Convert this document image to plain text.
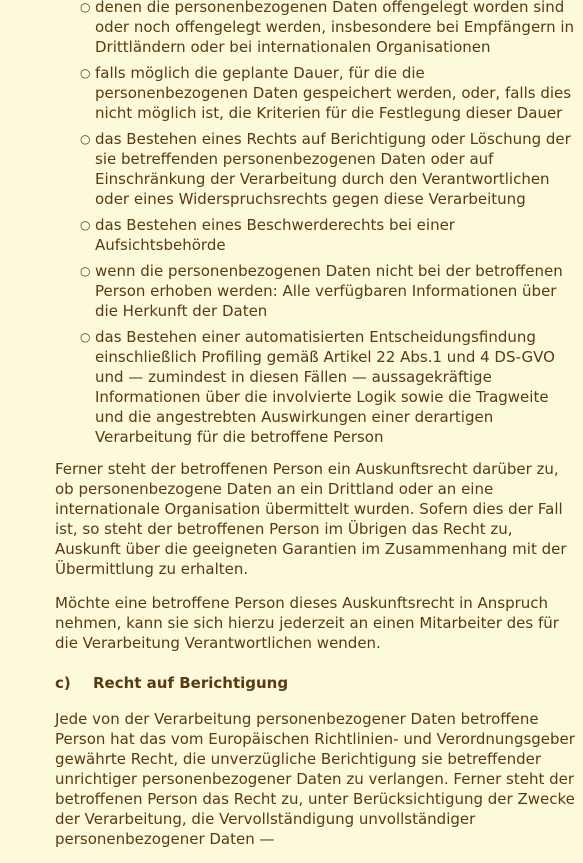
○ denen die personenbezogenen Daten offengelegt worden sind oder noch offengelegt werden, insbesondere bei Empfängern in Drittländern oder bei internationalen Organisationen
○ falls möglich die geplante Dauer, für die die personenbezogenen Daten gespeichert werden, oder, falls dies nicht möglich ist, die Kriterien für die Festlegung dieser Dauer
○ das Bestehen eines Rechts auf Berichtigung oder Löschung der sie betreffenden personenbezogenen Daten oder auf Einschränkung der Verarbeitung durch den Verantwortlichen oder eines Widerspruchsrechts gegen diese Verarbeitung
○ das Bestehen eines Beschwerderechts bei einer Aufsichtsbehörde
○ wenn die personenbezogenen Daten nicht bei der betroffenen Person erhoben werden: Alle verfügbaren Informationen über die Herkunft der Daten
○ das Bestehen einer automatisierten Entscheidungsfindung einschließlich Profiling gemäß Artikel 22 Abs.1 und 4 DS-GVO und — zumindest in diesen Fällen — aussagekräftige Informationen über die involvierte Logik sowie die Tragweite und die angestrebten Auswirkungen einer derartigen Verarbeitung für die betroffene Person

Ferner steht der betroffenen Person ein Auskunftsrecht darüber zu, ob personenbezogene Daten an ein Drittland oder an eine internationale Organisation übermittelt wurden. Sofern dies der Fall ist, so steht der betroffenen Person im Übrigen das Recht zu, Auskunft über die geeigneten Garantien im Zusammenhang mit der Übermittlung zu erhalten.

Möchte eine betroffene Person dieses Auskunftsrecht in Anspruch nehmen, kann sie sich hierzu jederzeit an einen Mitarbeiter des für die Verarbeitung Verantwortlichen wenden.

c) Recht auf Berichtigung

Jede von der Verarbeitung personenbezogener Daten betroffene Person hat das vom Europäischen Richtlinien- und Verordnungsgeber gewährte Recht, die unverzügliche Berichtigung sie betreffender unrichtiger personenbezogener Daten zu verlangen. Ferner steht der betroffenen Person das Recht zu, unter Berücksichtigung der Zwecke der Verarbeitung, die Vervollständigung unvollständiger personenbezogener Daten —
